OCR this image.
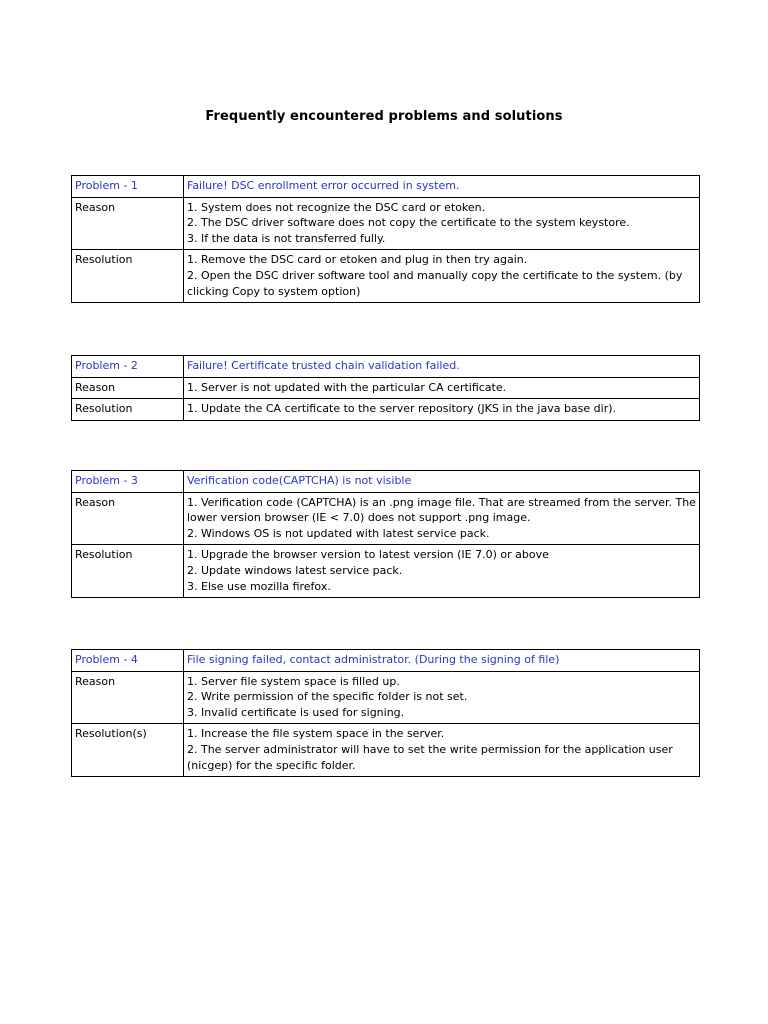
Frequently encountered problems and solutions
Problem - 1	Failure! DSC enrollment error occurred in system.
Reason	1. System does not recognize the DSC card or etoken.
2. The DSC driver software does not copy the certificate to the system keystore.
3. If the data is not transferred fully.

Resolution	1. Remove the DSC card or etoken and plug in then try again.
2. Open the DSC driver software tool and manually copy the certificate to the system. (by clicking Copy to system option)
Problem - 2	Failure! Certificate trusted chain validation failed.
Reason	1. Server is not updated with the particular CA certificate.

Resolution	1. Update the CA certificate to the server repository (JKS in the java base dir).
Problem - 3	Verification code(CAPTCHA) is not visible
Reason	1. Verification code (CAPTCHA) is an .png image file. That are streamed from the server. The lower version browser (IE < 7.0) does not support .png image.
2. Windows OS is not updated with latest service pack.

Resolution	1. Upgrade the browser version to latest version (IE 7.0) or above
2. Update windows latest service pack.
3. Else use mozilla firefox.
Problem - 4	File signing failed, contact administrator. (During the signing of file)
Reason	1. Server file system space is filled up.
2. Write permission of the specific folder is not set.
3. Invalid certificate is used for signing.

Resolution(s)	1. Increase the file system space in the server.
2. The server administrator will have to set the write permission for the application user (nicgep) for the specific folder.
